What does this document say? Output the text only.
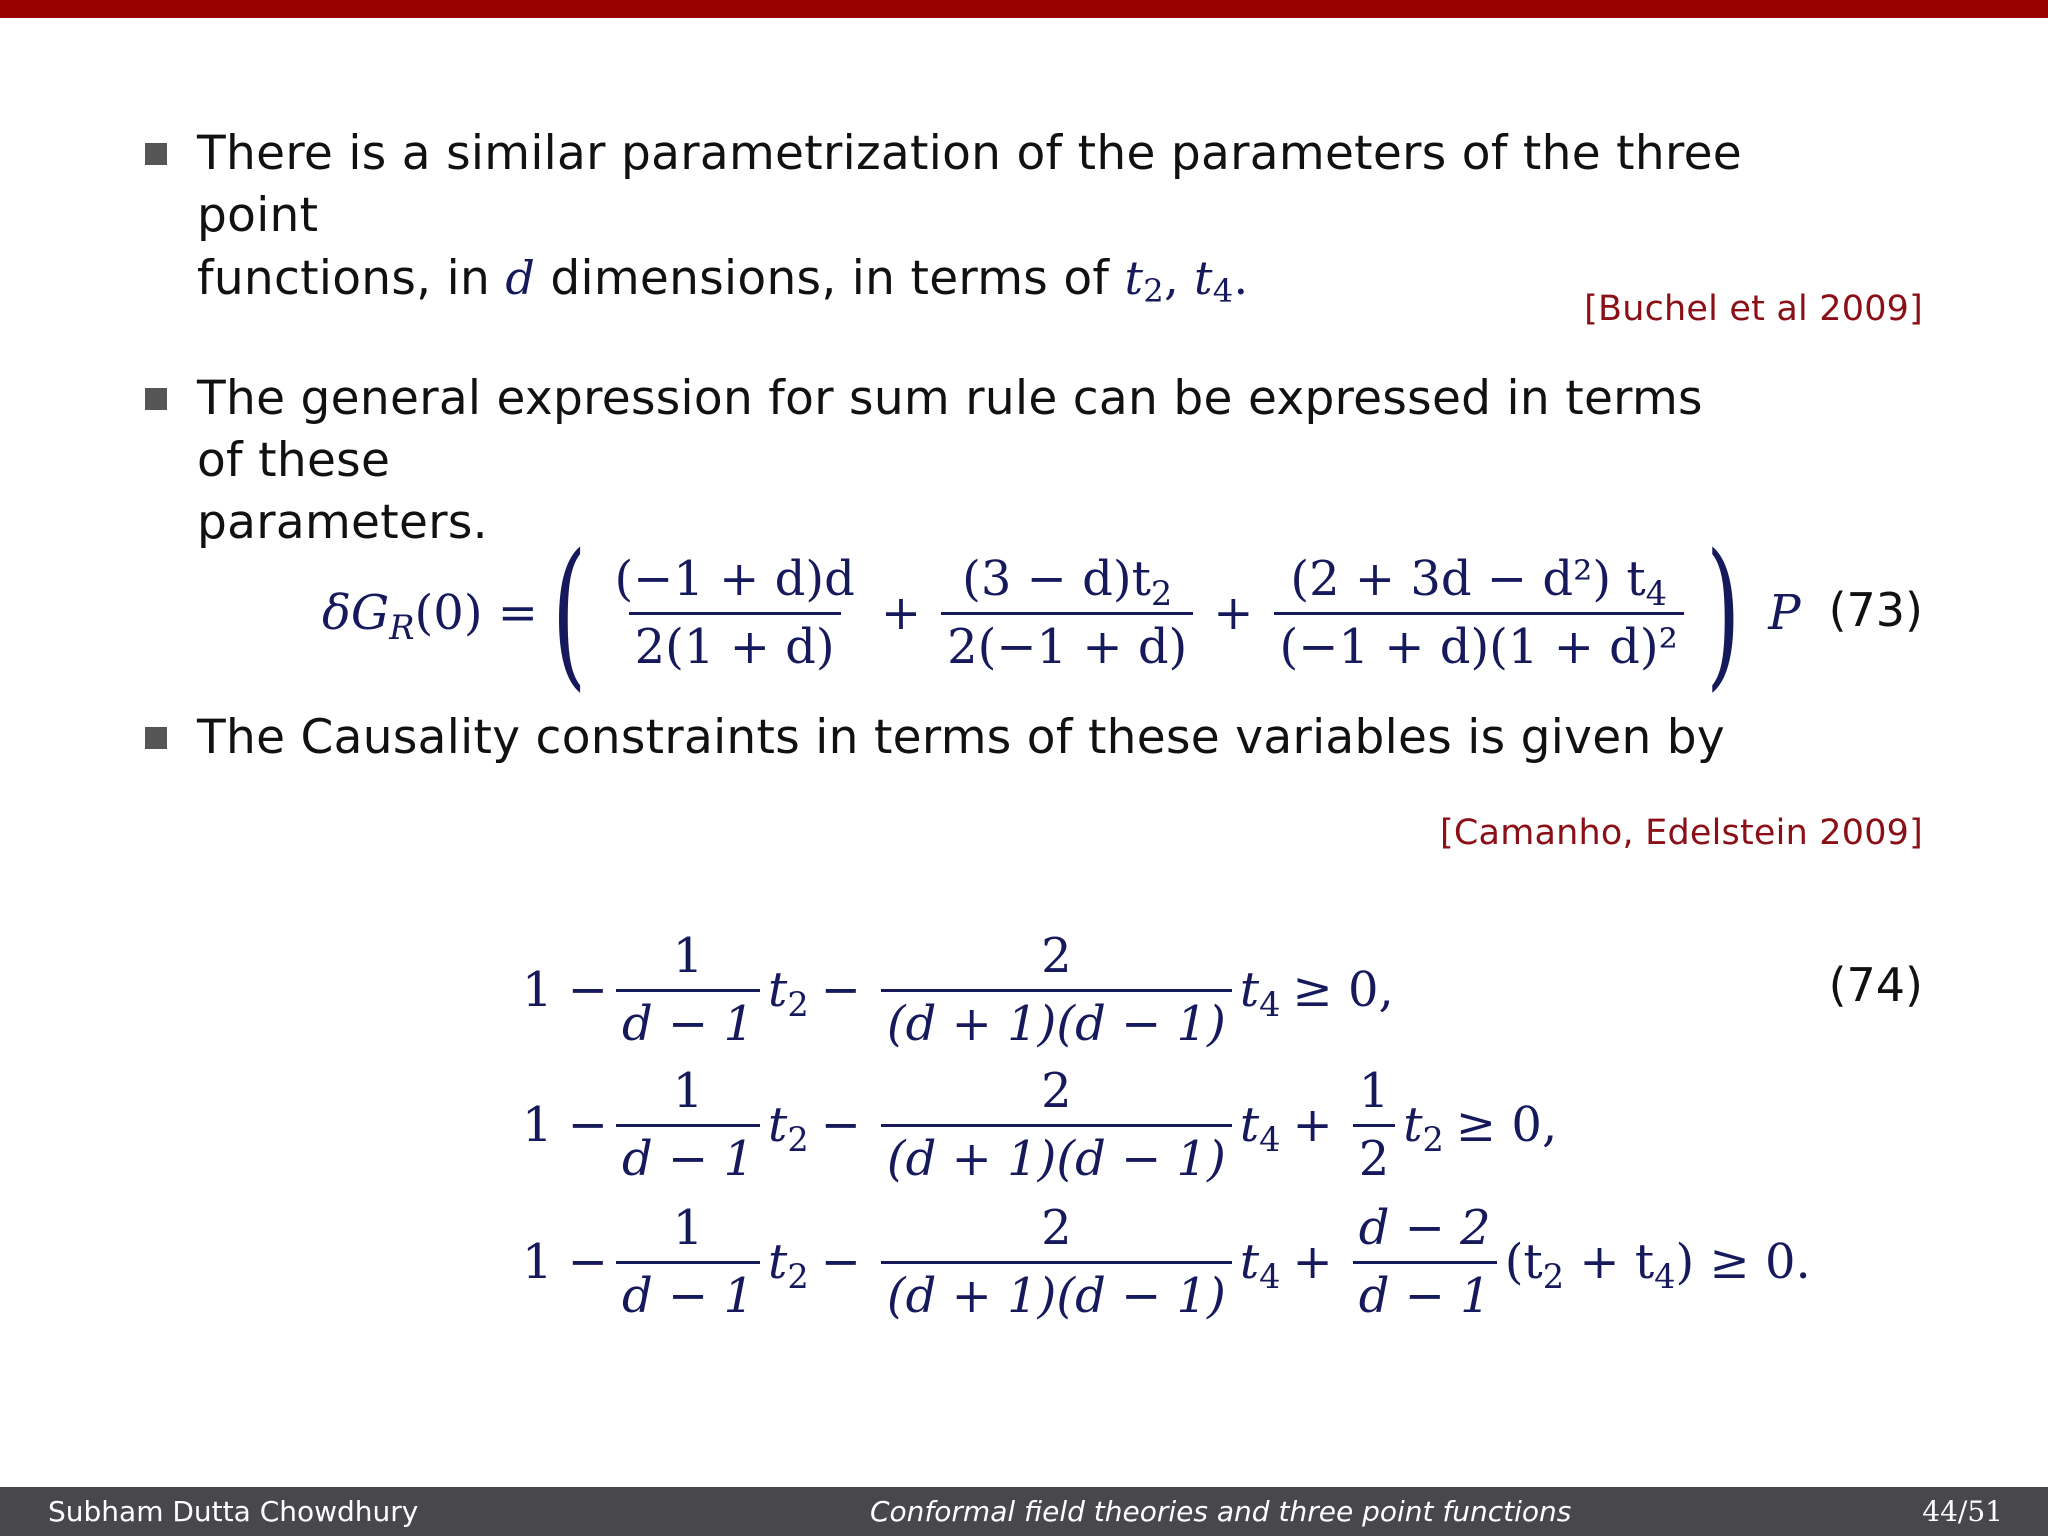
There is a similar parametrization of the parameters of the three point
functions, in d dimensions, in terms of $t_2$, $t_4$.
[Buchel et al 2009]
The general expression for sum rule can be expressed in terms of these
parameters.
$\delta G_R(0)$ = ( $\frac{(-1 + d)d}{2(1 + d)} + \frac{(3 - d)t_2}{2(-1 + d)} + \frac{(2 + 3d - d^2) t_4}{\text{(−1 + d)(1 + d)²}}$ ) P (73)
The Causality constraints in terms of these variables is given by
[Camanho, Edelstein 2009]
$1 - \frac{1}{d - 1} t_2 - \frac{2}{(d + 1)(d - 1)} t_4 \ge 0$,	(74)
$1 - \frac{1}{d - 1} t_2 - \frac{2}{(d + 1)(d - 1)} t_4 + \frac{1}{2} t_2 \ge 0$,
$1 - \frac{1}{d - 1} t_2 - \frac{2}{(d + 1)(d - 1)} t_4 + \frac{d - 2}{d - 1} (t_2 + t_4) \ge 0$.
Subham Dutta Chowdhury	Conformal field theories and three point functions	44/51
